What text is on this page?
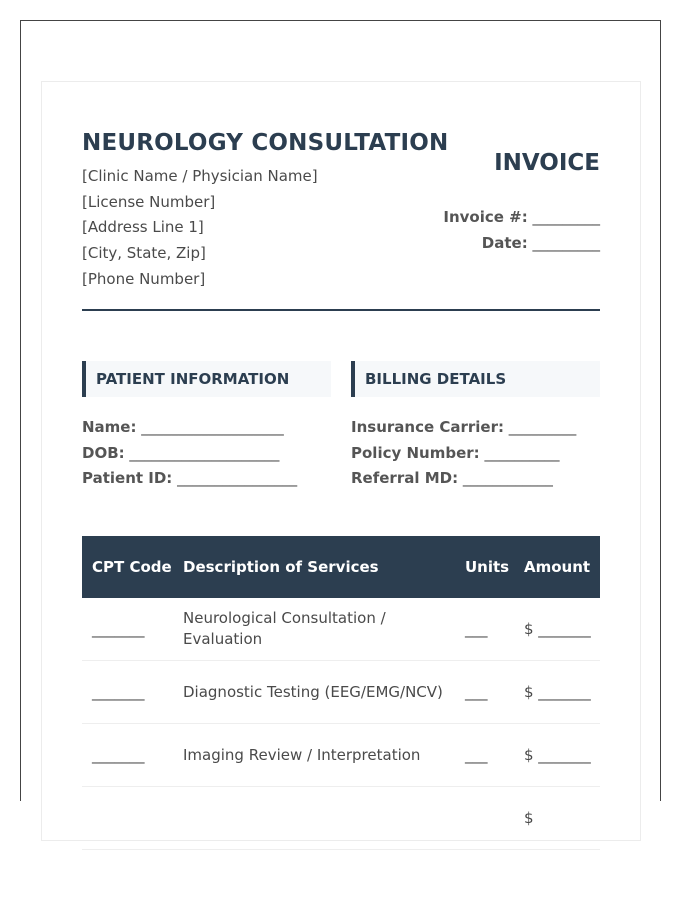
NEUROLOGY CONSULTATION
[Clinic Name / Physician Name]
[License Number]
[Address Line 1]
[City, State, Zip]
[Phone Number]
INVOICE
Invoice #: _________
Date: _________
PATIENT INFORMATION	BILLING DETAILS
Name: ___________________
DOB: ____________________
Patient ID: ________________
Insurance Carrier: _________
Policy Number: __________
Referral MD: ____________
CPT Code	Description of Services	Units	Amount
_______	Neurological Consultation / Evaluation	___	$ _______
_______	Diagnostic Testing (EEG/EMG/NCV)	___	$ _______
_______	Imaging Review / Interpretation	___	$ _______
			$
